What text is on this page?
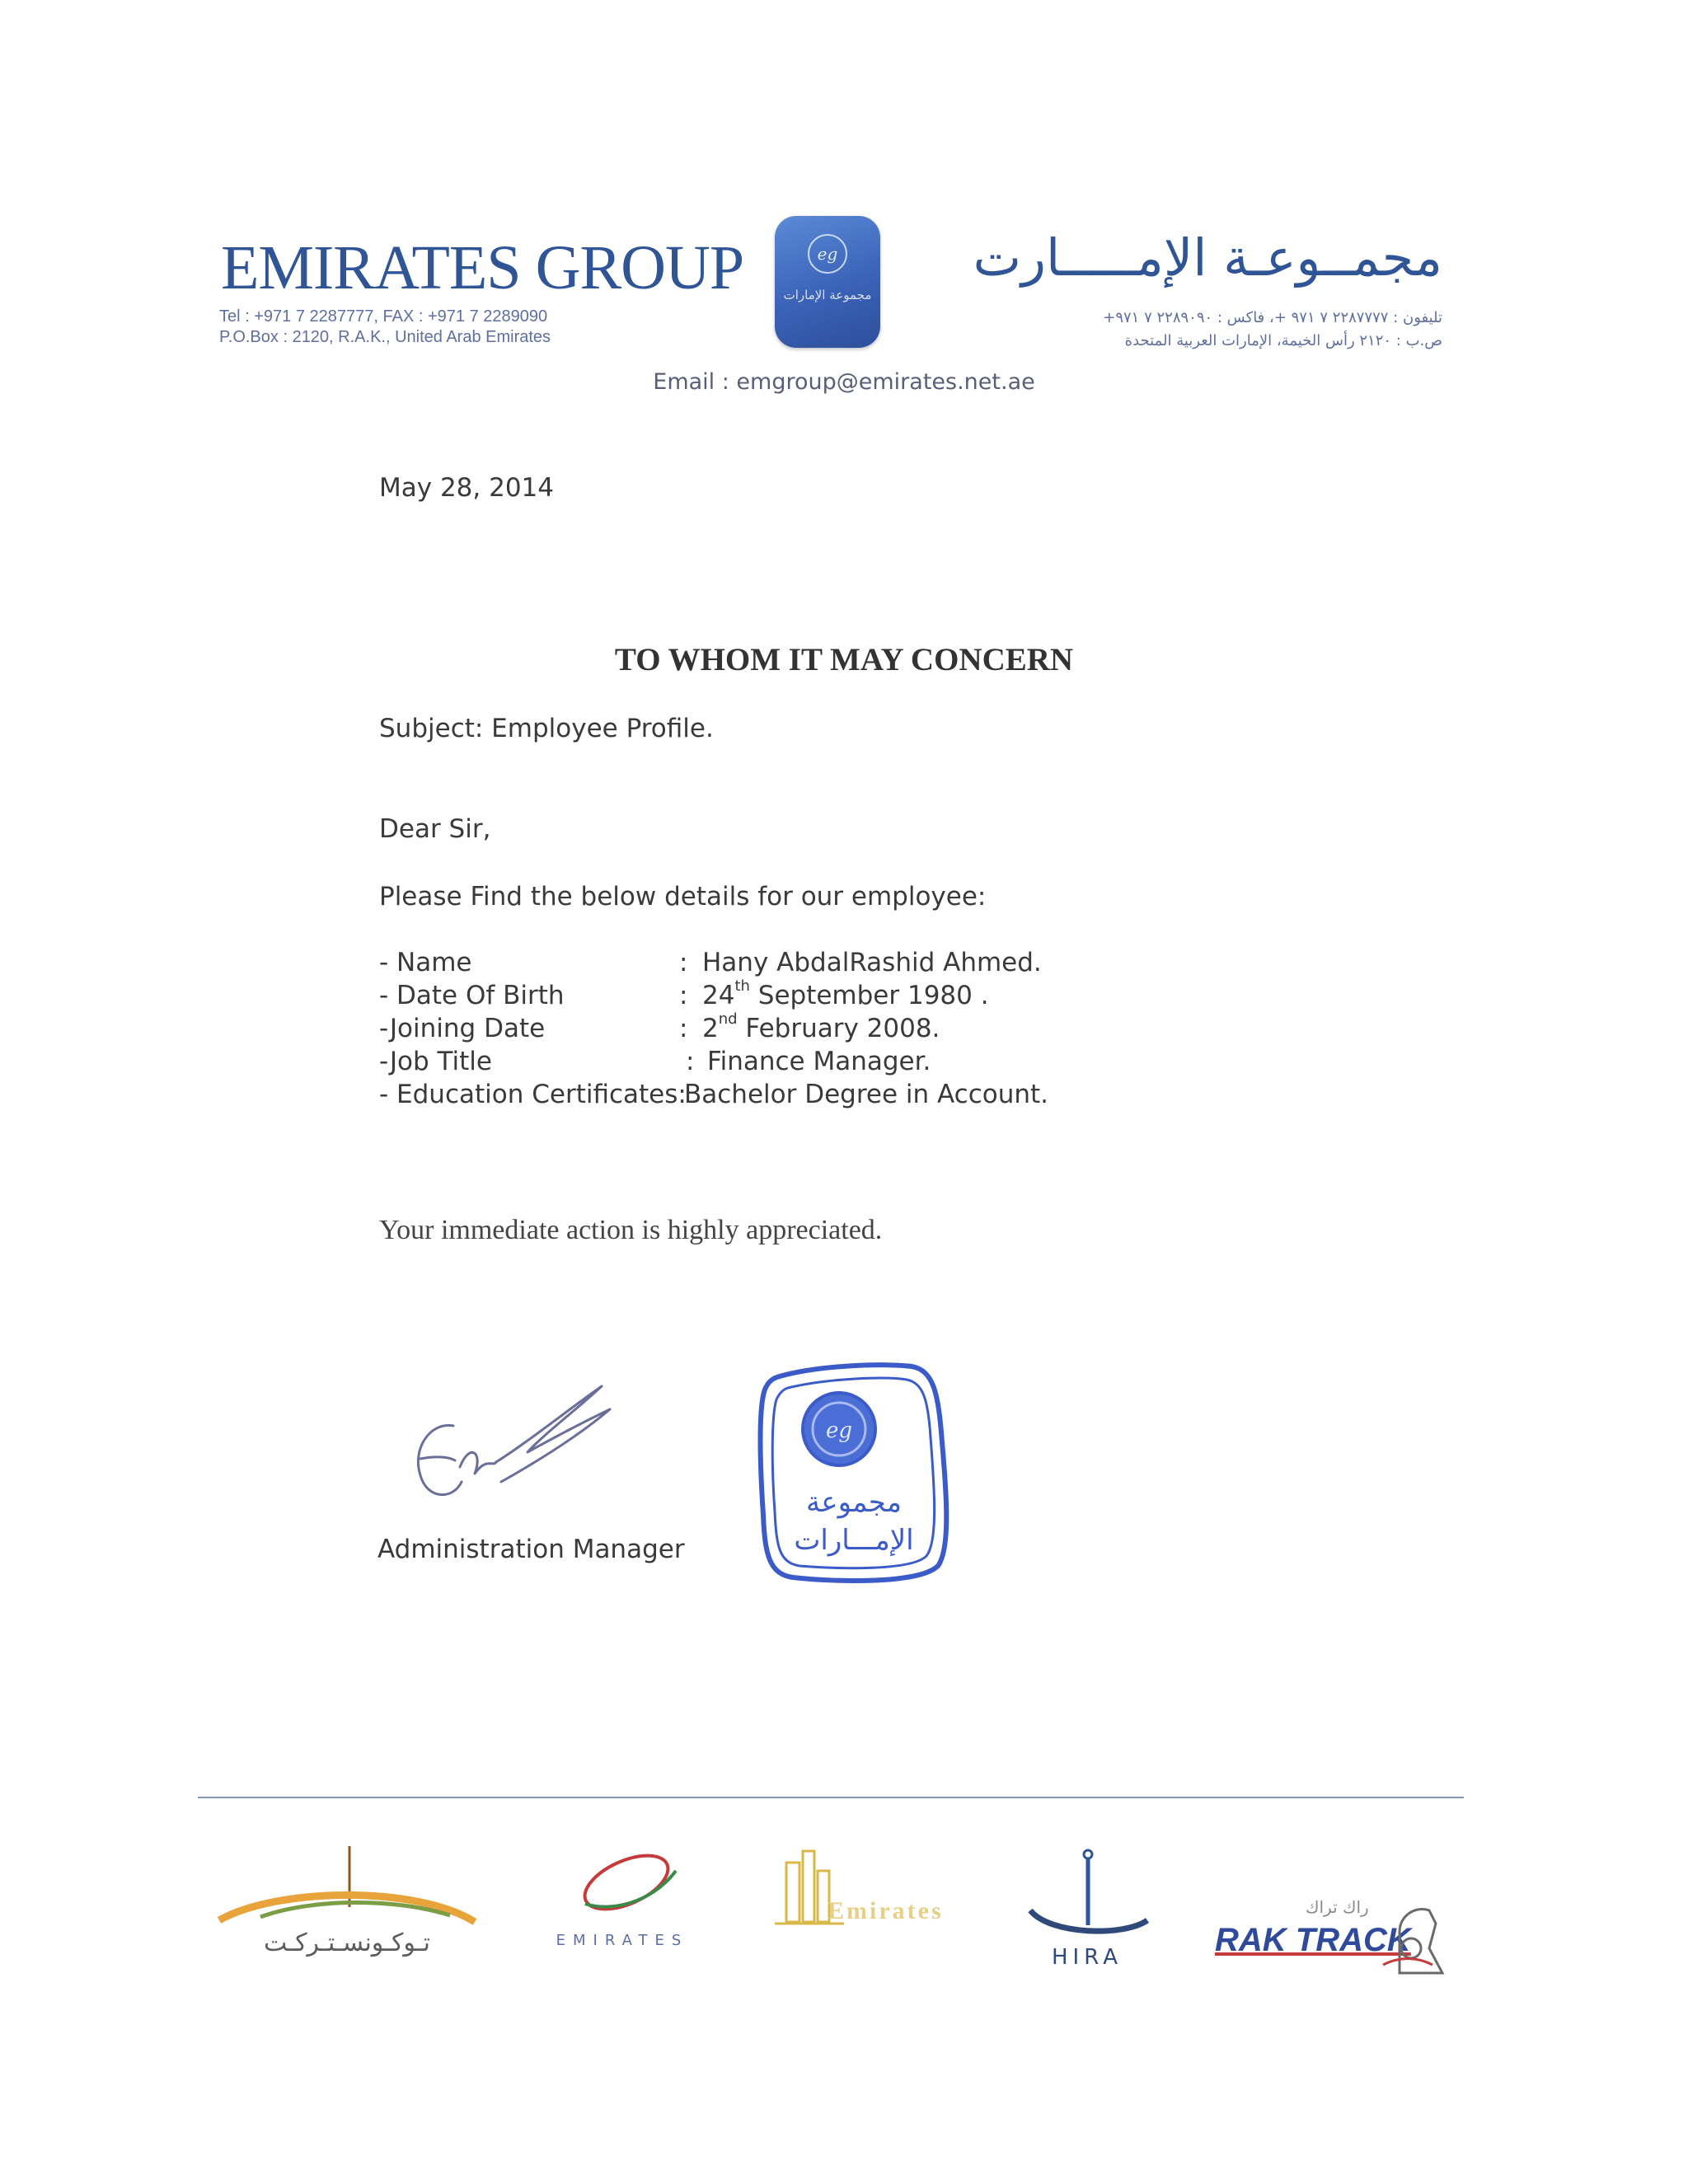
EMIRATES GROUP
Tel : +971 7 2287777, FAX : +971 7 2289090
P.O.Box : 2120, R.A.K., United Arab Emirates
eg
مجموعة الإمارات
مجمــوعـة الإمـــــارت
تليفون : ٢٢٨٧٧٧٧ ٧ ٩٧١ +، فاكس : ٢٢٨٩٠٩٠ ٧ ٩٧١+
ص.ب : ٢١٢٠ رأس الخيمة، الإمارات العربية المتحدة
Email : emgroup@emirates.net.ae
May 28, 2014
TO WHOM IT MAY CONCERN
Subject: Employee Profile.
Dear Sir,
Please Find the below details for our employee:
- Name	: Hany AbdalRashid Ahmed.
- Date Of Birth	: 24th September 1980 .
-Joining Date	: 2nd February 2008.
-Job Title	: Finance Manager.
- Education Certificates:
Bachelor Degree in Account.
Your immediate action is highly appreciated.
Administration Manager
eg
مجموعة
الإمـــارات
تـوكـونسـتـركـت	EMIRATES
Emirates
HIRA
راك تراك
RAK TRACK
